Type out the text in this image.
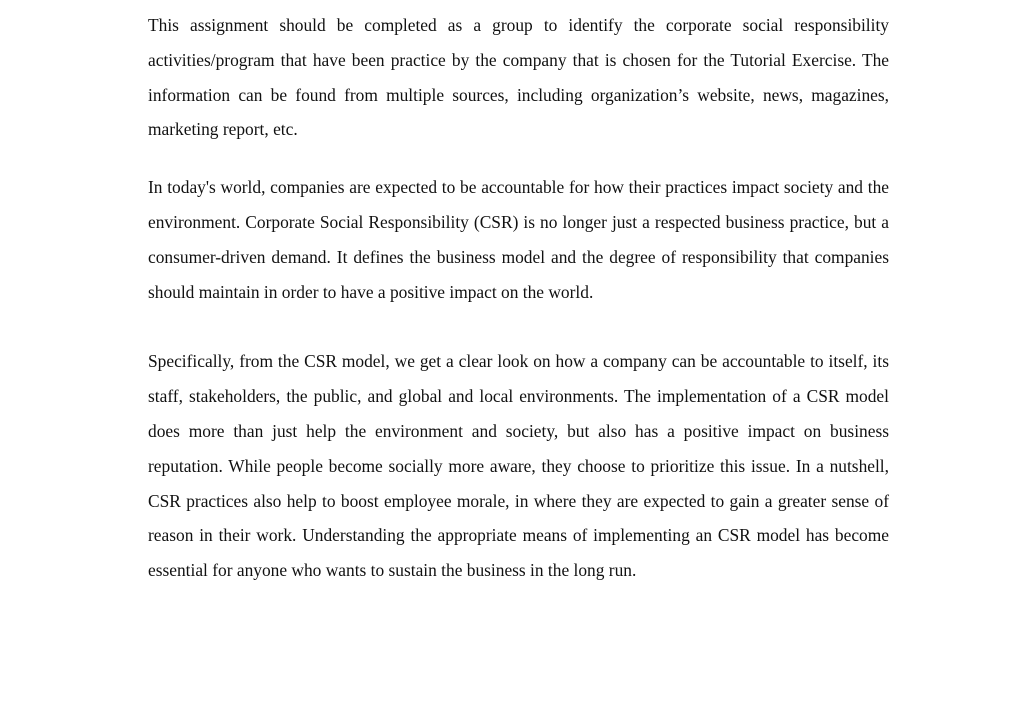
This assignment should be completed as a group to identify the corporate social responsibility activities/program that have been practice by the company that is chosen for the Tutorial Exercise. The information can be found from multiple sources, including organization’s website, news, magazines, marketing report, etc.

In today's world, companies are expected to be accountable for how their practices impact society and the environment. Corporate Social Responsibility (CSR) is no longer just a respected business practice, but a consumer-driven demand. It defines the business model and the degree of responsibility that companies should maintain in order to have a positive impact on the world.

Specifically, from the CSR model, we get a clear look on how a company can be accountable to itself, its staff, stakeholders, the public, and global and local environments. The implementation of a CSR model does more than just help the environment and society, but also has a positive impact on business reputation. While people become socially more aware, they choose to prioritize this issue. In a nutshell, CSR practices also help to boost employee morale, in where they are expected to gain a greater sense of reason in their work. Understanding the appropriate means of implementing an CSR model has become essential for anyone who wants to sustain the business in the long run.
